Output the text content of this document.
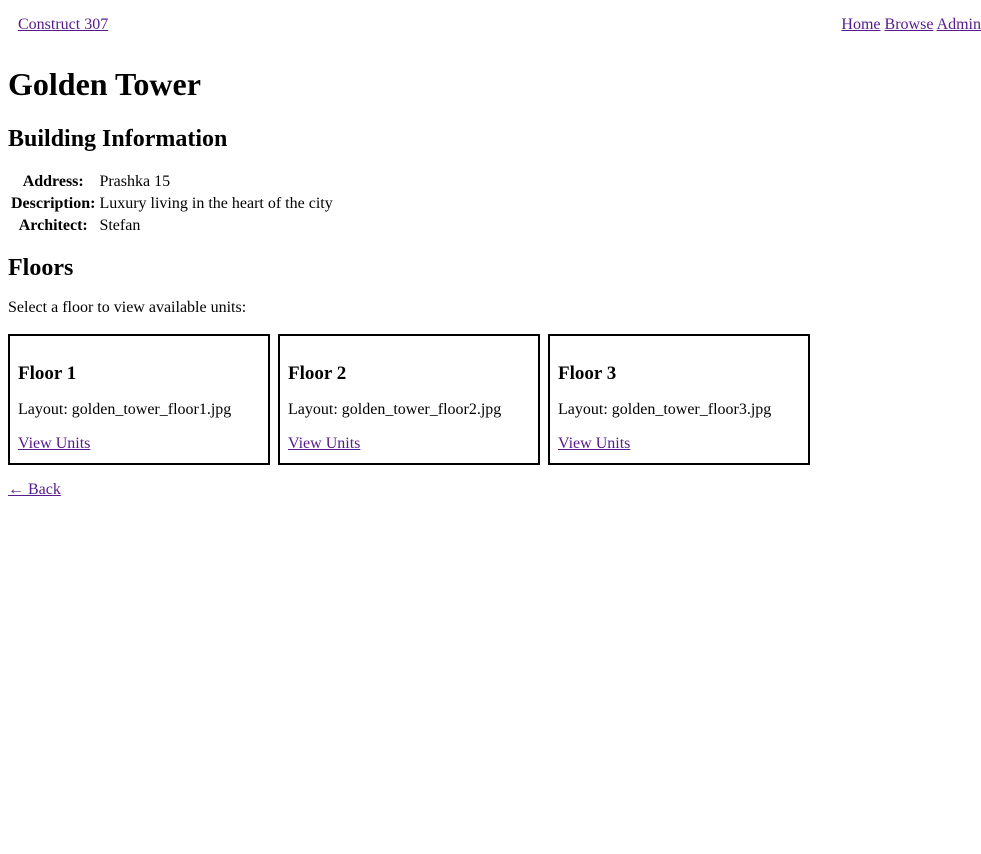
Construct 307	Home Browse Admin
Golden Tower
Building Information
Address:	Prashka 15
Description:	Luxury living in the heart of the city
Architect:	Stefan
Floors

Select a floor to view available units:

Floor 1

Layout: golden_tower_floor1.jpg

View Units
Floor 2

Layout: golden_tower_floor2.jpg

View Units
Floor 3

Layout: golden_tower_floor3.jpg

View Units
← Back
